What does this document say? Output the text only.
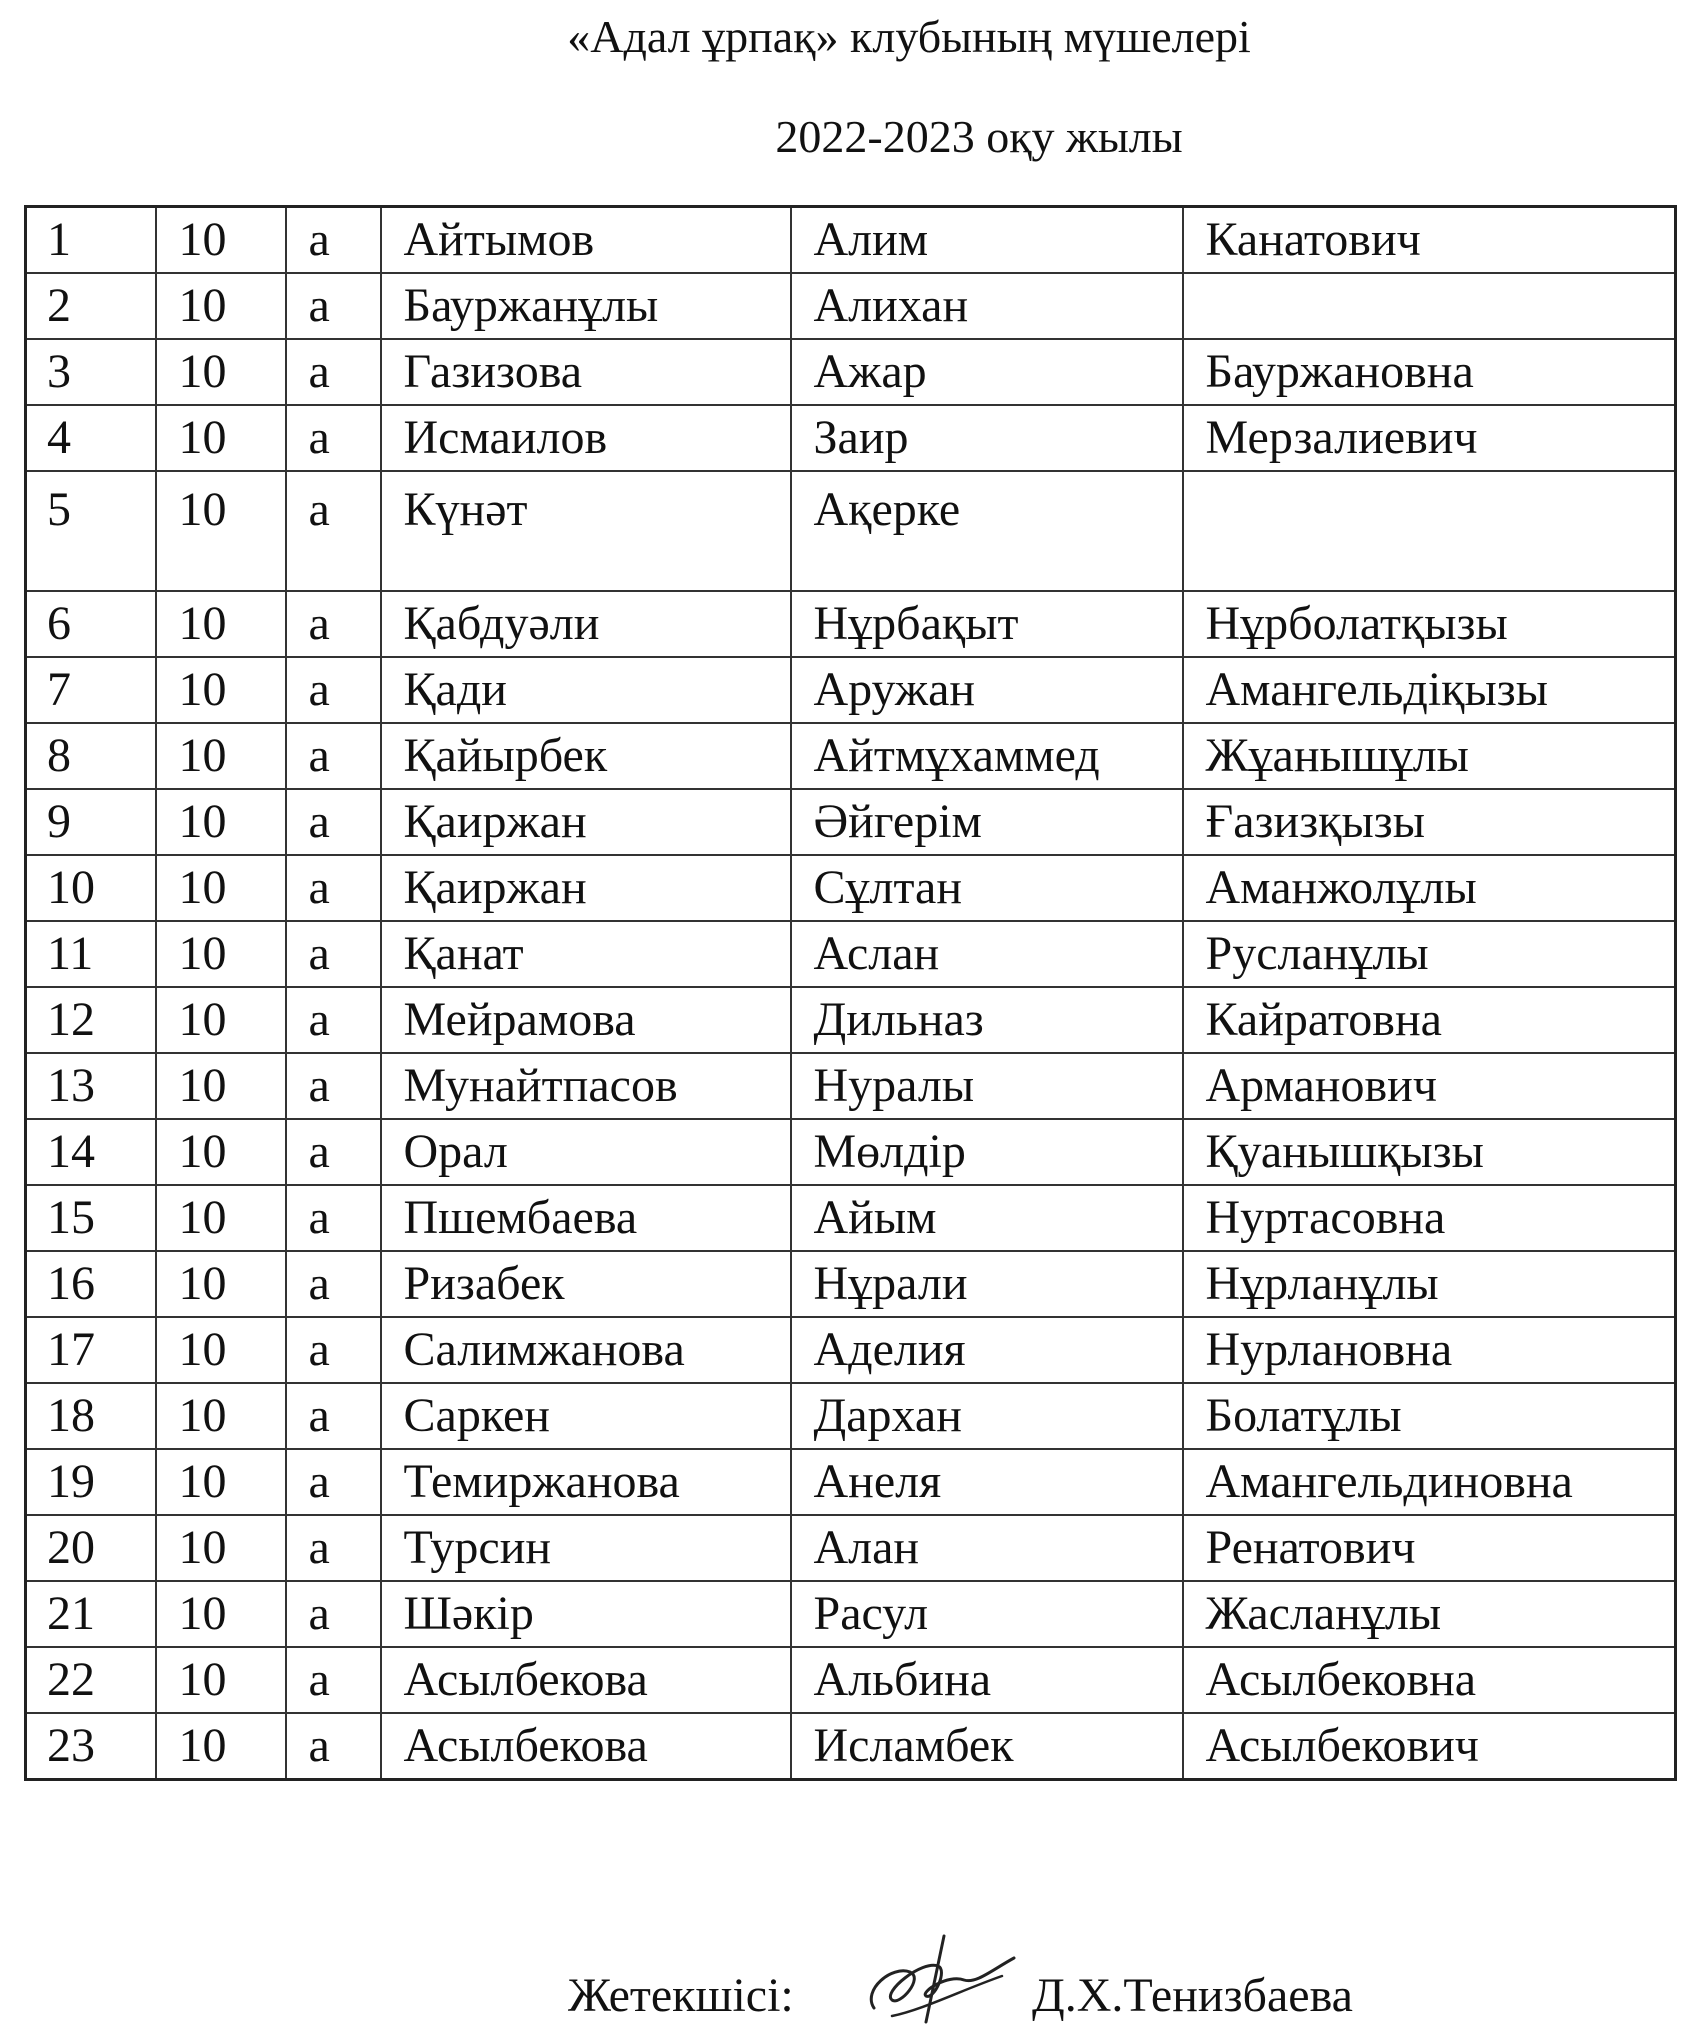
«Адал ұрпақ» клубының мүшелері
2022-2023 оқу жылы
1	10	а	Айтымов	Алим	Канатович
2	10	а	Бауржанұлы	Алихан	
3	10	а	Газизова	Ажар	Бауржановна
4	10	а	Исмаилов	Заир	Мерзалиевич
5	10	а	Күнәт	Ақерке	
6	10	а	Қабдуәли	Нұрбақыт	Нұрболатқызы
7	10	а	Қади	Аружан	Амангельдіқызы
8	10	а	Қайырбек	Айтмұхаммед	Жұанышұлы
9	10	а	Қаиржан	Әйгерім	Ғазизқызы
10	10	а	Қаиржан	Сұлтан	Аманжолұлы
11	10	а	Қанат	Аслан	Русланұлы
12	10	а	Мейрамова	Дильназ	Кайратовна
13	10	а	Мунайтпасов	Нуралы	Арманович
14	10	а	Орал	Мөлдір	Қуанышқызы
15	10	а	Пшембаева	Айым	Нуртасовна
16	10	а	Ризабек	Нұрали	Нұрланұлы
17	10	а	Салимжанова	Аделия	Нурлановна
18	10	а	Саркен	Дархан	Болатұлы
19	10	а	Темиржанова	Анеля	Амангельдиновна
20	10	а	Турсин	Алан	Ренатович
21	10	а	Шәкір	Расул	Жасланұлы
22	10	а	Асылбекова	Альбина	Асылбековна
23	10	а	Асылбекова	Исламбек	Асылбекович
Жетекшісі:	Д.Х.Тенизбаева
